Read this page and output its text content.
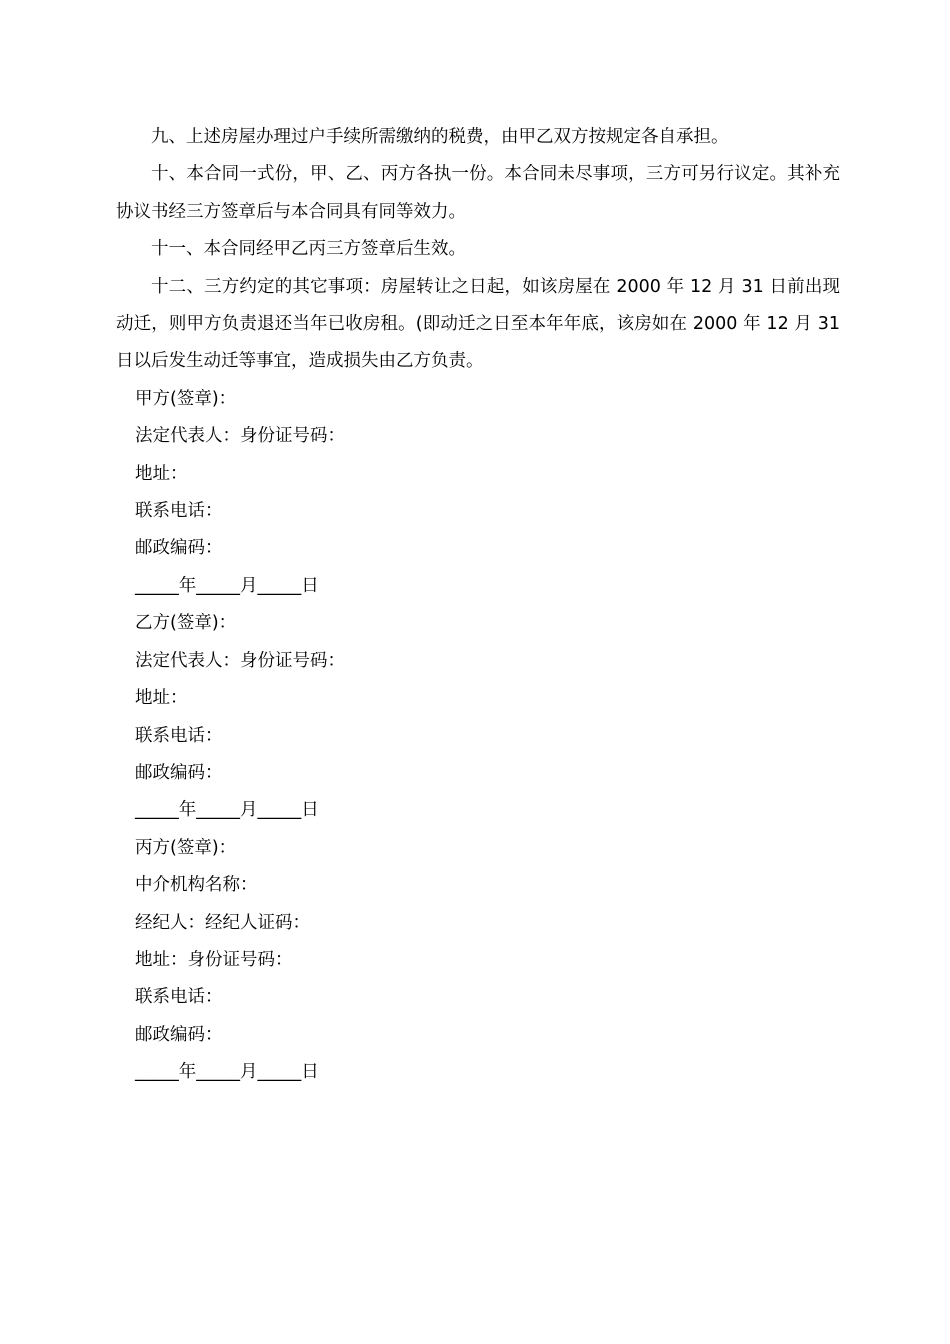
九、上述房屋办理过户手续所需缴纳的税费，由甲乙双方按规定各自承担。

十、本合同一式份，甲、乙、丙方各执一份。本合同未尽事项，三方可另行议定。其补充协议书经三方签章后与本合同具有同等效力。

十一、本合同经甲乙丙三方签章后生效。

十二、三方约定的其它事项：房屋转让之日起，如该房屋在 2000 年 12 月 31 日前出现动迁，则甲方负责退还当年已收房租。(即动迁之日至本年年底，该房如在 2000 年 12 月 31 日以后发生动迁等事宜，造成损失由乙方负责。

甲方(签章)：

法定代表人：身份证号码：

地址：

联系电话：

邮政编码：

_____年_____月_____日

乙方(签章)：

法定代表人：身份证号码：

地址：

联系电话：

邮政编码：

_____年_____月_____日

丙方(签章)：

中介机构名称：

经纪人：经纪人证码：

地址：身份证号码：

联系电话：

邮政编码：

_____年_____月_____日
